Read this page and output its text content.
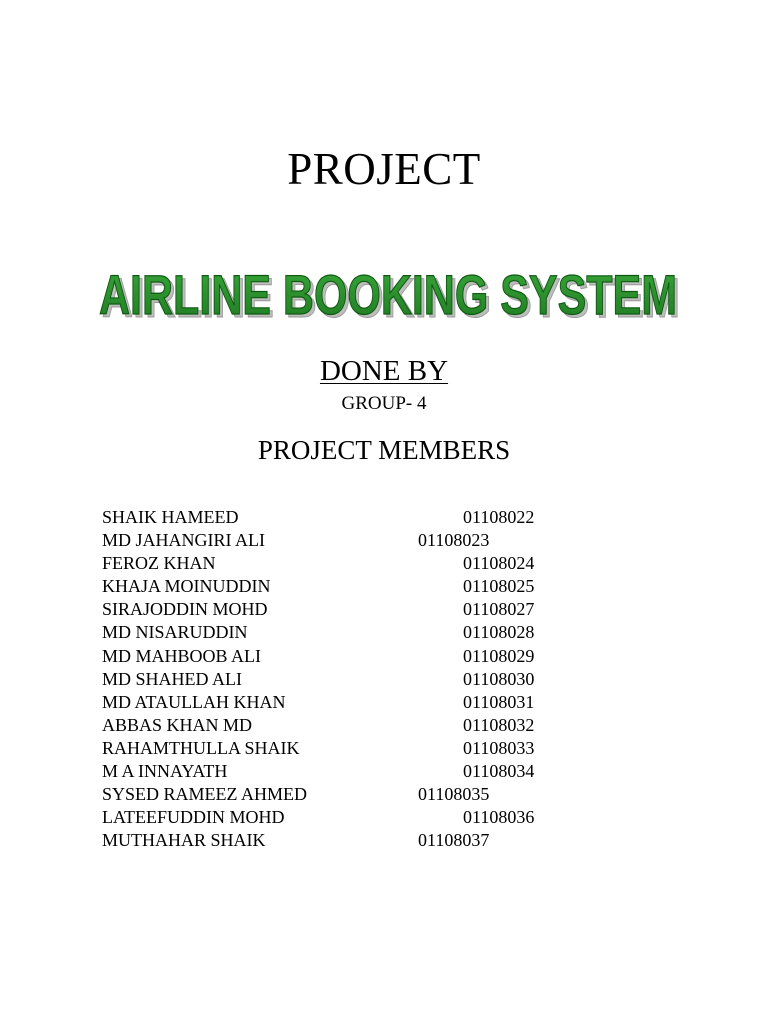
PROJECT
AIRLINE BOOKING SYSTEM
AIRLINE BOOKING SYSTEM
DONE BY
GROUP- 4
PROJECT MEMBERS
SHAIK HAMEED	01108022
MD JAHANGIRI ALI	01108023
FEROZ KHAN	01108024
KHAJA MOINUDDIN	01108025
SIRAJODDIN MOHD	01108027
MD NISARUDDIN	01108028
MD MAHBOOB ALI	01108029
MD SHAHED ALI	01108030
MD ATAULLAH KHAN	01108031
ABBAS KHAN MD	01108032
RAHAMTHULLA SHAIK	01108033
M A INNAYATH	01108034
SYSED RAMEEZ AHMED	01108035
LATEEFUDDIN MOHD	01108036
MUTHAHAR SHAIK	01108037
